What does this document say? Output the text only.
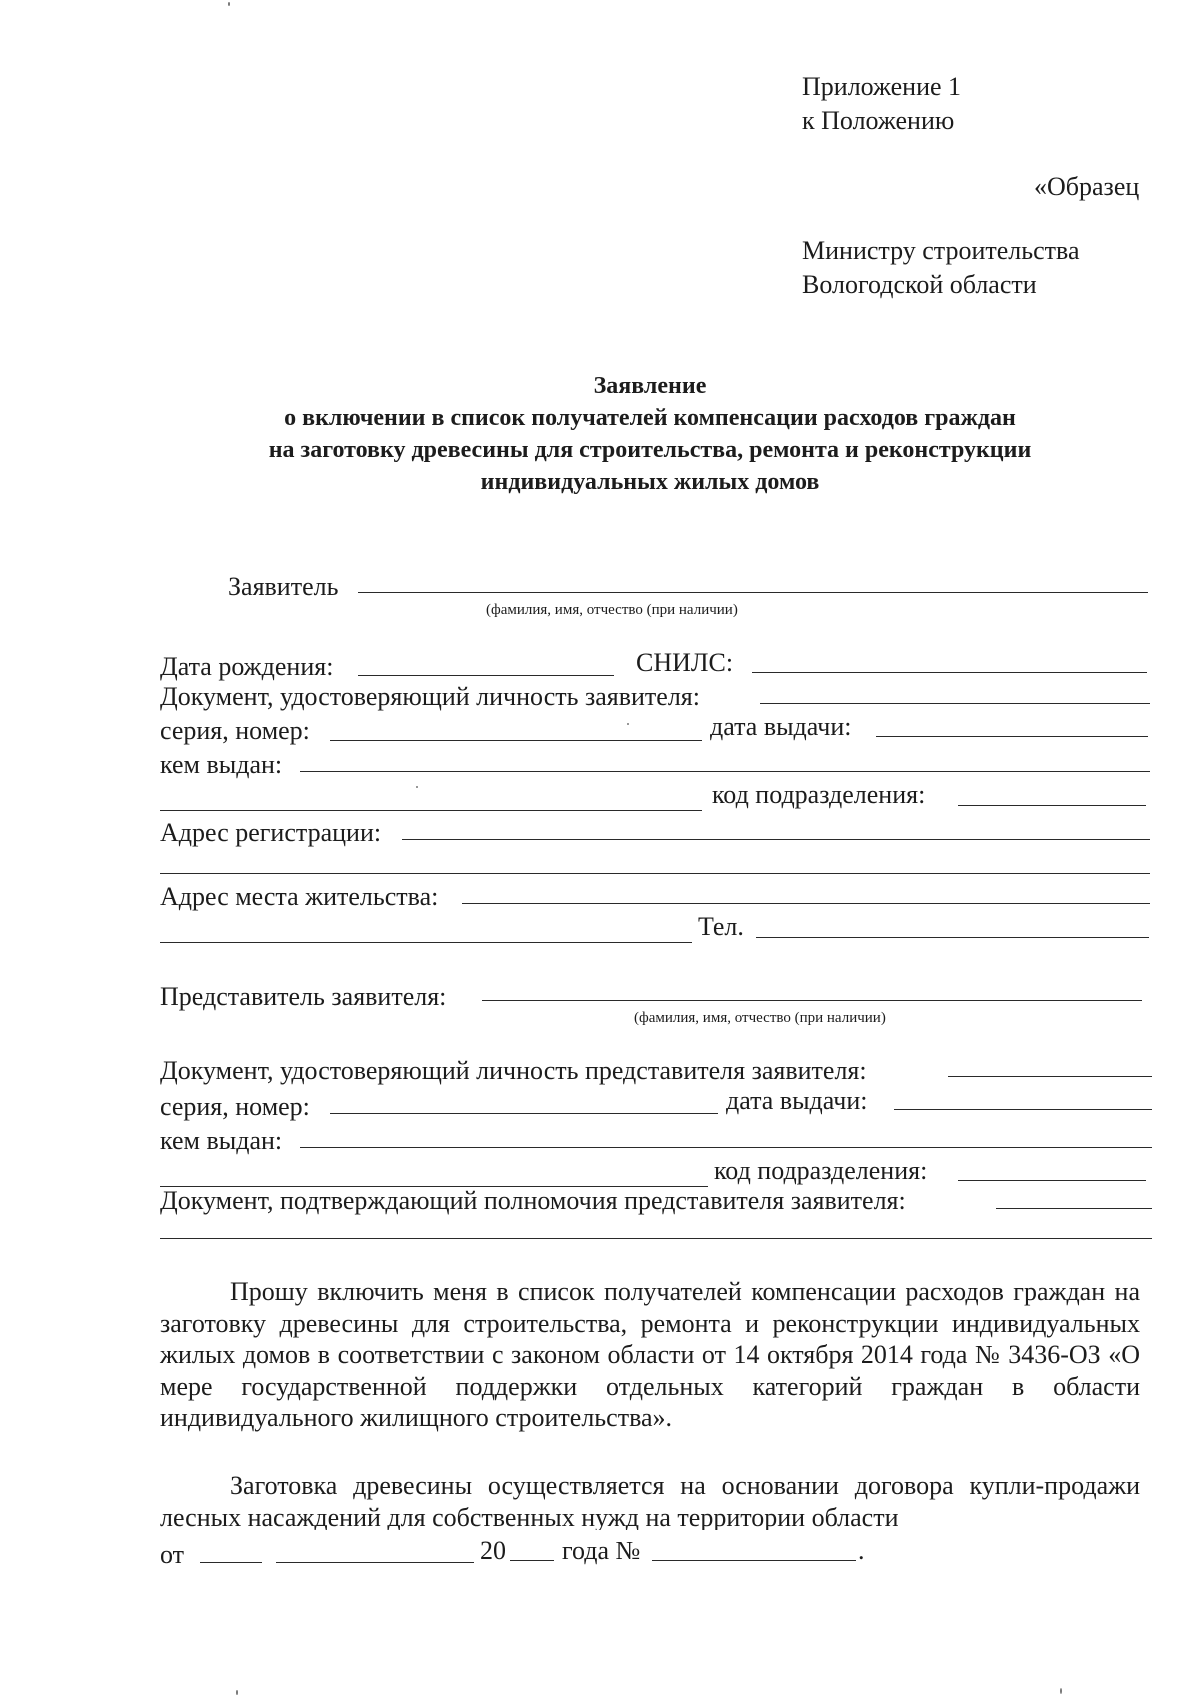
Приложение 1
к Положению
«Образец
Министру строительства
Вологодской области
Заявление
о включении в список получателей компенсации расходов граждан
на заготовку древесины для строительства, ремонта и реконструкции
индивидуальных жилых домов
Заявитель
(фамилия, имя, отчество (при наличии)
Дата рождения:	СНИЛС:
Документ, удостоверяющий личность заявителя:
серия, номер:	дата выдачи:
кем выдан:
код подразделения:
Адрес регистрации:
Адрес места жительства:
Тел.
Представитель заявителя:
(фамилия, имя, отчество (при наличии)
Документ, удостоверяющий личность представителя заявителя:
серия, номер:	дата выдачи:
кем выдан:
код подразделения:
Документ, подтверждающий полномочия представителя заявителя:
Прошу включить меня в список получателей компенсации расходов граждан на заготовку древесины для строительства, ремонта и реконструкции индивидуальных жилых домов в соответствии с законом области от 14 октября 2014 года № 3436-ОЗ «О мере государственной поддержки отдельных категорий граждан в области индивидуального жилищного строительства».
Заготовка древесины осуществляется на основании договора купли-продажи лесных насаждений для собственных нужд на территории области
от	20 года №	.
